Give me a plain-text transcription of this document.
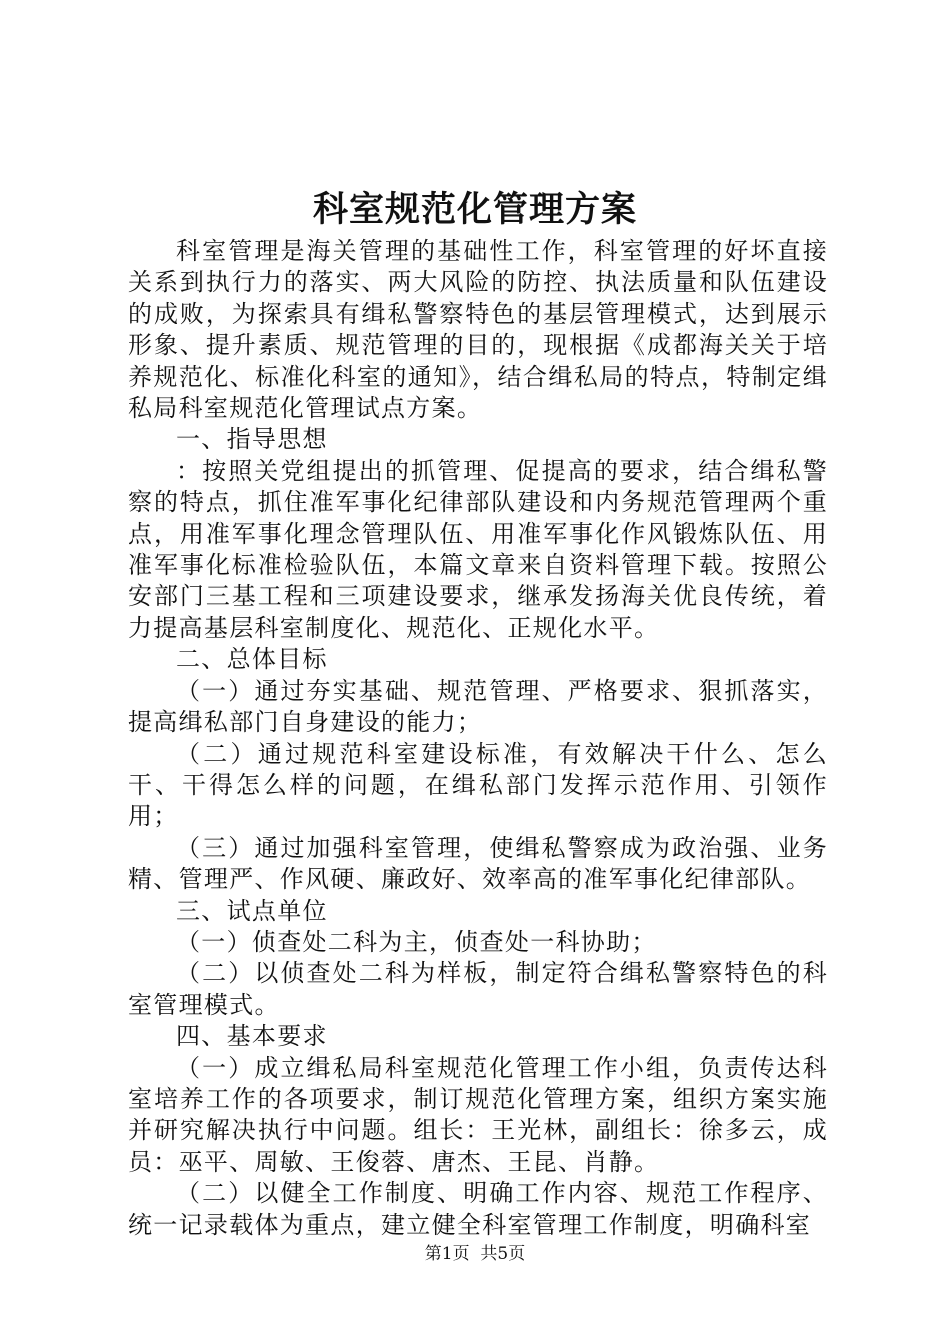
科室规范化管理方案

科室管理是海关管理的基础性工作，科室管理的好坏直接关系到执行力的落实、两大风险的防控、执法质量和队伍建设的成败，为探索具有缉私警察特色的基层管理模式，达到展示形象、提升素质、规范管理的目的，现根据《成都海关关于培养规范化、标准化科室的通知》，结合缉私局的特点，特制定缉私局科室规范化管理试点方案。

一、指导思想

：按照关党组提出的抓管理、促提高的要求，结合缉私警察的特点，抓住准军事化纪律部队建设和内务规范管理两个重点，用准军事化理念管理队伍、用准军事化作风锻炼队伍、用准军事化标准检验队伍，本篇文章来自资料管理下载。按照公安部门三基工程和三项建设要求，继承发扬海关优良传统，着力提高基层科室制度化、规范化、正规化水平。

二、总体目标

（一）通过夯实基础、规范管理、严格要求、狠抓落实，提高缉私部门自身建设的能力；

（二）通过规范科室建设标准，有效解决干什么、怎么干、干得怎么样的问题，在缉私部门发挥示范作用、引领作用；

（三）通过加强科室管理，使缉私警察成为政治强、业务精、管理严、作风硬、廉政好、效率高的准军事化纪律部队。

三、试点单位

（一）侦查处二科为主，侦查处一科协助；

（二）以侦查处二科为样板，制定符合缉私警察特色的科室管理模式。

四、基本要求

（一）成立缉私局科室规范化管理工作小组，负责传达科室培养工作的各项要求，制订规范化管理方案，组织方案实施并研究解决执行中问题。组长：王光林，副组长：徐多云，成员：巫平、周敏、王俊蓉、唐杰、王昆、肖静。

（二）以健全工作制度、明确工作内容、规范工作程序、统一记录载体为重点，建立健全科室管理工作制度，明确科室

第1页  共5页
